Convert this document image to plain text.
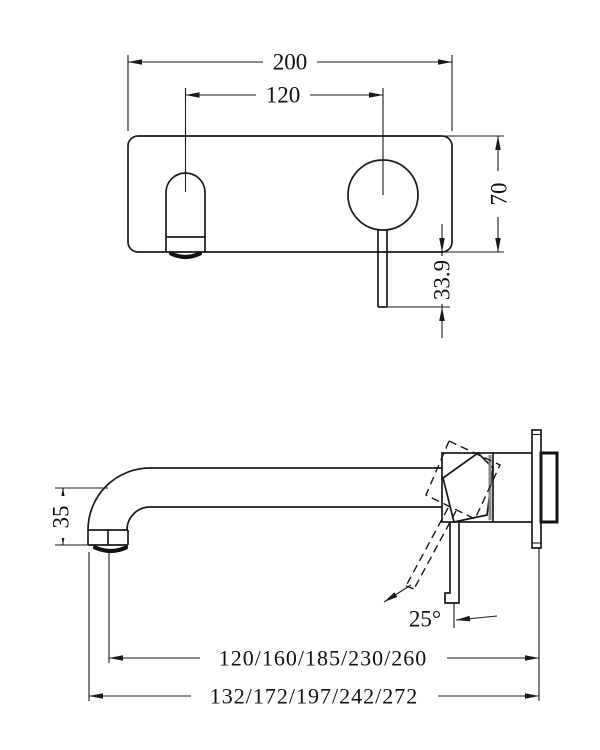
200
120
70
33.9
35
25°
120/160/185/230/260
132/172/197/242/272
